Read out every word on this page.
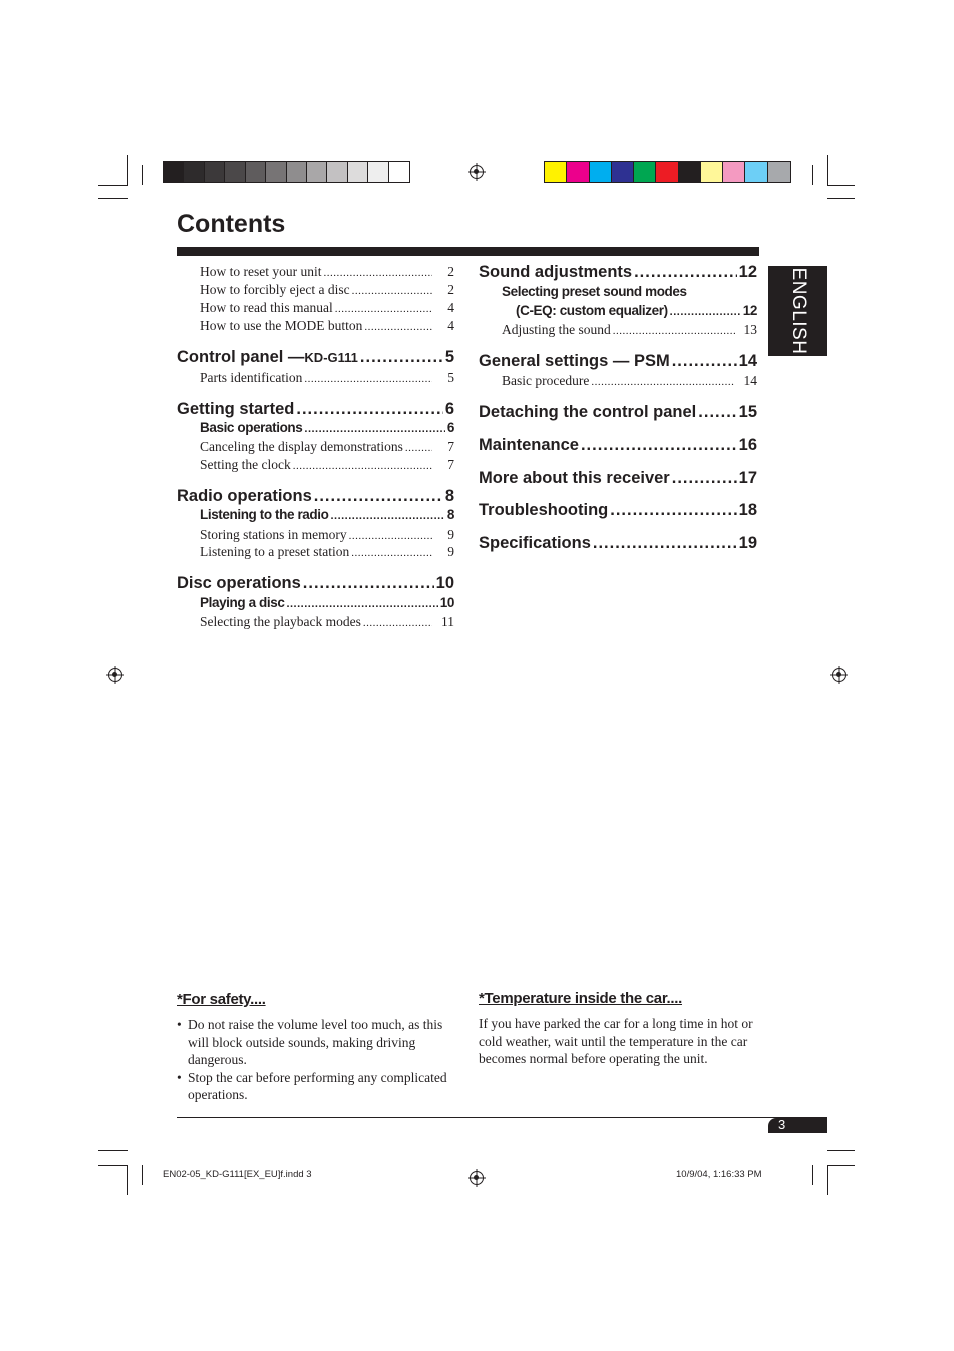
Contents
ENGLISH
How to reset your unit .....	2
How to forcibly eject a disc .....	2
How to read this manual .....	4
How to use the MODE button .....	4
Control panel — KD-G111 .....	5
Parts identification .....	5
Getting started .....	6
Basic operations .....	6
Canceling the display demonstrations .....	7
Setting the clock .....	7
Radio operations .....	8
Listening to the radio .....	8
Storing stations in memory .....	9
Listening to a preset station .....	9
Disc operations .....	10
Playing a disc .....	10
Selecting the playback modes .....	11
Sound adjustments .....	12
Selecting preset sound modes
(C-EQ: custom equalizer) .....	12
Adjusting the sound .....	13
General settings — PSM .....	14
Basic procedure .....	14
Detaching the control panel .....	15
Maintenance .....	16
More about this receiver .....	17
Troubleshooting .....	18
Specifications .....	19
*For safety....
• Do not raise the volume level too much, as this will block outside sounds, making driving dangerous.
• Stop the car before performing any complicated operations.
*Temperature inside the car....
If you have parked the car for a long time in hot or cold weather, wait until the temperature in the car becomes normal before operating the unit.
3
EN02-05_KD-G111[EX_EU]f.indd 3	10/9/04, 1:16:33 PM
